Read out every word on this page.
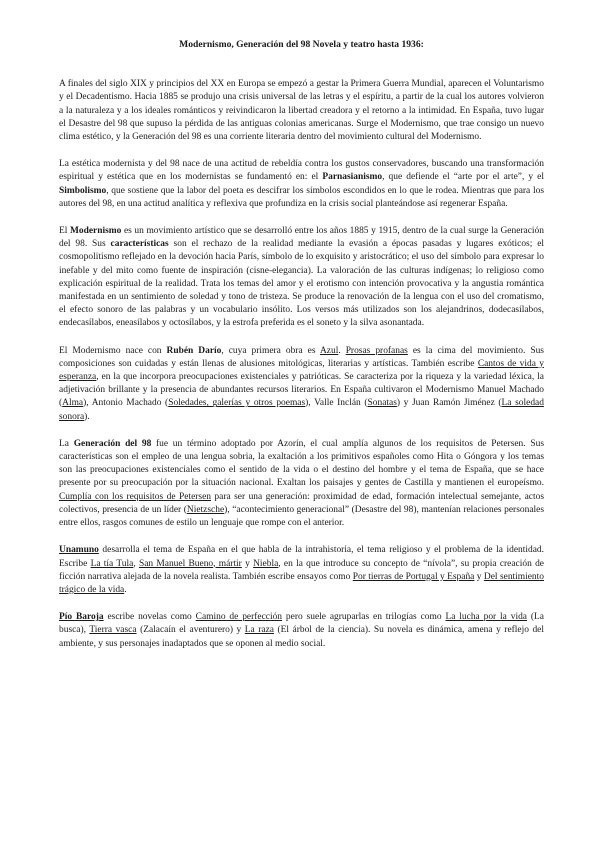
Modernismo, Generación del 98 Novela y teatro hasta 1936:

A finales del siglo XIX y principios del XX en Europa se empezó a gestar la Primera Guerra Mundial, aparecen el Voluntarismo y el Decadentismo. Hacia 1885 se produjo una crisis universal de las letras y el espíritu, a partir de la cual los autores volvieron a la naturaleza y a los ideales románticos y reivindicaron la libertad creadora y el retorno a la intimidad. En España, tuvo lugar el Desastre del 98 que supuso la pérdida de las antiguas colonias americanas. Surge el Modernismo, que trae consigo un nuevo clima estético, y la Generación del 98 es una corriente literaria dentro del movimiento cultural del Modernismo.

La estética modernista y del 98 nace de una actitud de rebeldía contra los gustos conservadores, buscando una transformación espiritual y estética que en los modernistas se fundamentó en: el Parnasianismo, que defiende el “arte por el arte”, y el Simbolismo, que sostiene que la labor del poeta es descifrar los símbolos escondidos en lo que le rodea. Mientras que para los autores del 98, en una actitud analítica y reflexiva que profundiza en la crisis social planteándose así regenerar España.

El Modernismo es un movimiento artístico que se desarrolló entre los años 1885 y 1915, dentro de la cual surge la Generación del 98. Sus características son el rechazo de la realidad mediante la evasión a épocas pasadas y lugares exóticos; el cosmopolitismo reflejado en la devoción hacia París, símbolo de lo exquisito y aristocrático; el uso del símbolo para expresar lo inefable y del mito como fuente de inspiración (cisne-elegancia). La valoración de las culturas indígenas; lo religioso como explicación espiritual de la realidad. Trata los temas del amor y el erotismo con intención provocativa y la angustia romántica manifestada en un sentimiento de soledad y tono de tristeza. Se produce la renovación de la lengua con el uso del cromatismo, el efecto sonoro de las palabras y un vocabulario insólito. Los versos más utilizados son los alejandrinos, dodecasílabos, endecasílabos, eneasílabos y octosílabos, y la estrofa preferida es el soneto y la silva asonantada.

El Modernismo nace con Rubén Darío, cuya primera obra es Azul. Prosas profanas es la cima del movimiento. Sus composiciones son cuidadas y están llenas de alusiones mitológicas, literarias y artísticas. También escribe Cantos de vida y esperanza, en la que incorpora preocupaciones existenciales y patrióticas. Se caracteriza por la riqueza y la variedad léxica, la adjetivación brillante y la presencia de abundantes recursos literarios. En España cultivaron el Modernismo Manuel Machado (Alma), Antonio Machado (Soledades, galerías y otros poemas), Valle Inclán (Sonatas) y Juan Ramón Jiménez (La soledad sonora).

La Generación del 98 fue un término adoptado por Azorín, el cual amplía algunos de los requisitos de Petersen. Sus características son el empleo de una lengua sobria, la exaltación a los primitivos españoles como Hita o Góngora y los temas son las preocupaciones existenciales como el sentido de la vida o el destino del hombre y el tema de España, que se hace presente por su preocupación por la situación nacional. Exaltan los paisajes y gentes de Castilla y mantienen el europeísmo. Cumplía con los requisitos de Petersen para ser una generación: proximidad de edad, formación intelectual semejante, actos colectivos, presencia de un líder (Nietzsche), “acontecimiento generacional” (Desastre del 98), mantenían relaciones personales entre ellos, rasgos comunes de estilo un lenguaje que rompe con el anterior.

Unamuno desarrolla el tema de España en el que habla de la intrahistoria, el tema religioso y el problema de la identidad. Escribe La tía Tula, San Manuel Bueno, mártir y Niebla, en la que introduce su concepto de “nívola”, su propia creación de ficción narrativa alejada de la novela realista. También escribe ensayos como Por tierras de Portugal y España y Del sentimiento trágico de la vida.

Pío Baroja escribe novelas como Camino de perfección pero suele agruparlas en trilogías como La lucha por la vida (La busca), Tierra vasca (Zalacaín el aventurero) y La raza (El árbol de la ciencia). Su novela es dinámica, amena y reflejo del ambiente, y sus personajes inadaptados que se oponen al medio social.
